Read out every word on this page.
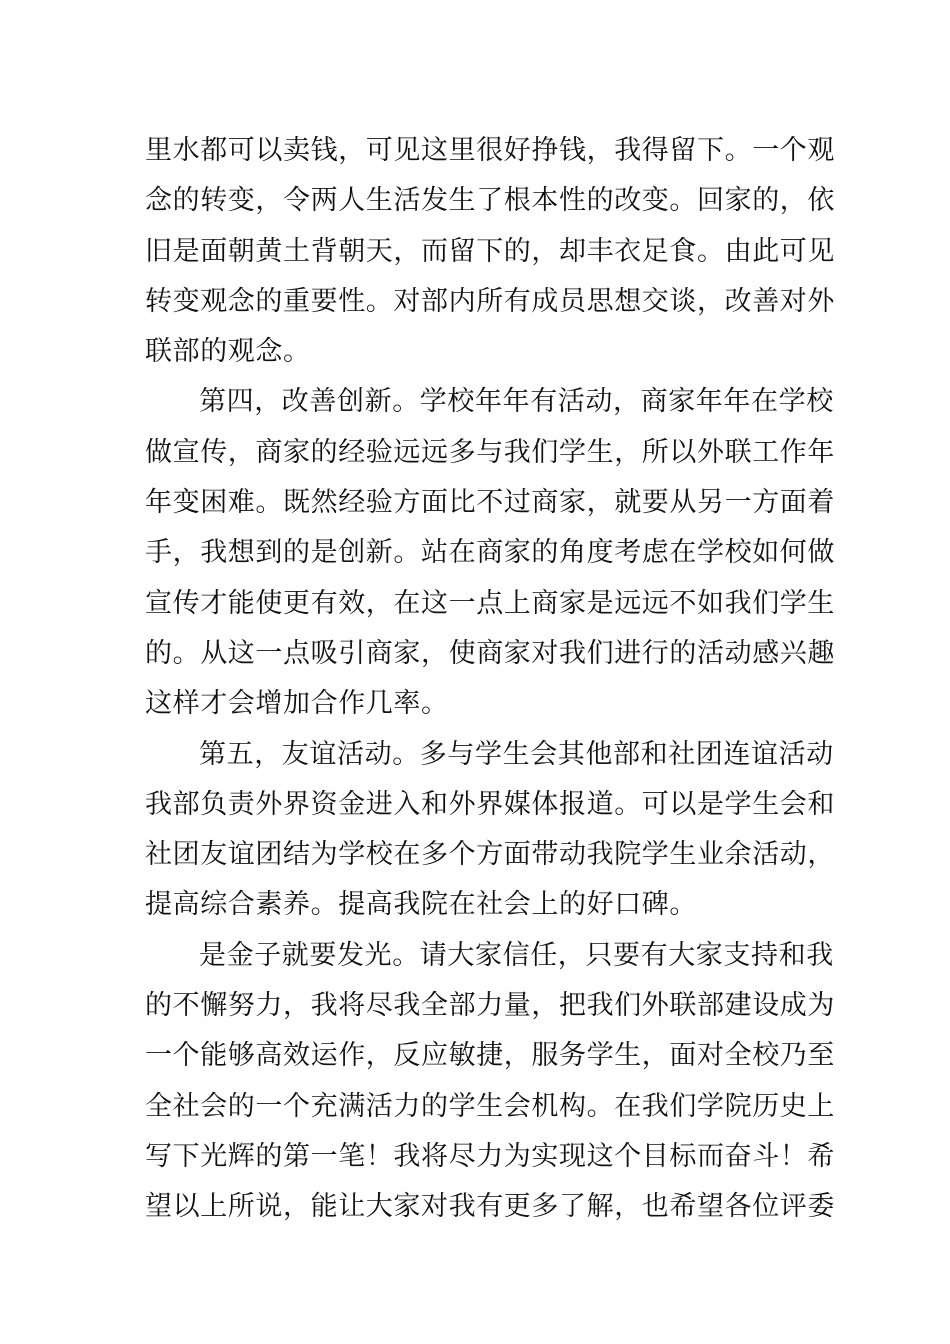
里水都可以卖钱，可见这里很好挣钱，我得留下。一个观
念的转变，令两人生活发生了根本性的改变。回家的，依
旧是面朝黄土背朝天，而留下的，却丰衣足食。由此可见
转变观念的重要性。对部内所有成员思想交谈，改善对外
联部的观念。
第四，改善创新。学校年年有活动，商家年年在学校
做宣传，商家的经验远远多与我们学生，所以外联工作年
年变困难。既然经验方面比不过商家，就要从另一方面着
手，我想到的是创新。站在商家的角度考虑在学校如何做
宣传才能使更有效，在这一点上商家是远远不如我们学生
的。从这一点吸引商家，使商家对我们进行的活动感兴趣
这样才会增加合作几率。
第五，友谊活动。多与学生会其他部和社团连谊活动
我部负责外界资金进入和外界媒体报道。可以是学生会和
社团友谊团结为学校在多个方面带动我院学生业余活动，
提高综合素养。提高我院在社会上的好口碑。
是金子就要发光。请大家信任，只要有大家支持和我
的不懈努力，我将尽我全部力量，把我们外联部建设成为
一个能够高效运作，反应敏捷，服务学生，面对全校乃至
全社会的一个充满活力的学生会机构。在我们学院历史上
写下光辉的第一笔！我将尽力为实现这个目标而奋斗！希
望以上所说，能让大家对我有更多了解，也希望各位评委
